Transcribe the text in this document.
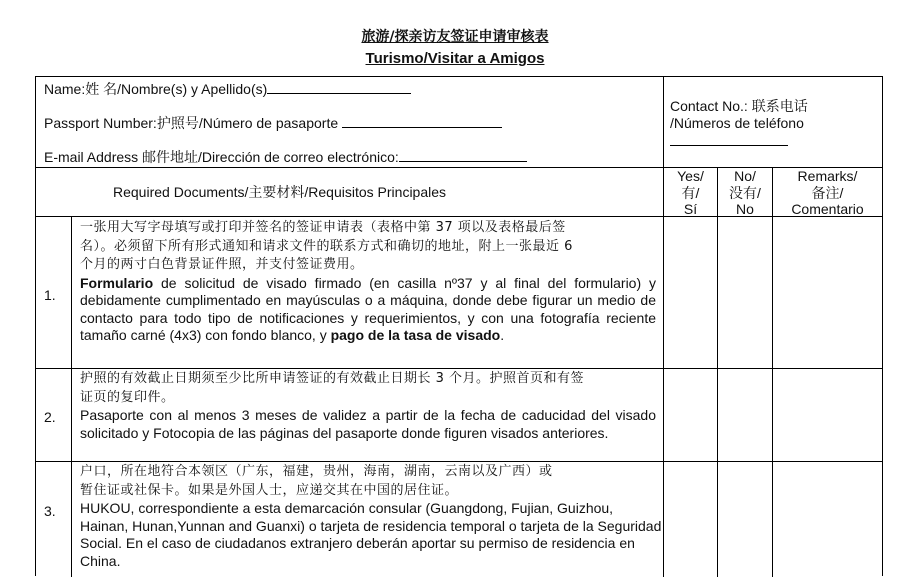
旅游/探亲访友签证申请审核表
Turismo/Visitar a Amigos
Name:姓 名/Nombre(s) y Apellido(s)
Passport Number:护照号/Número de pasaporte
E-mail Address 邮件地址/Dirección de correo electrónico:
Contact No.: 联系电话
/Números de teléfono
Required Documents/主要材料/Requisitos Principales
Yes/
有/
Sí
No/
没有/
No
Remarks/
备注/
Comentario
1.
一张用大写字母填写或打印并签名的签证申请表（表格中第 37 项以及表格最后签
名）。必须留下所有形式通知和请求文件的联系方式和确切的地址，附上一张最近 6
个月的两寸白色背景证件照，并支付签证费用。
Formulario de solicitud de visado firmado (en casilla nº37 y al final del formulario) y debidamente cumplimentado en mayúsculas o a máquina, donde debe figurar un medio de contacto para todo tipo de notificaciones y requerimientos, y con una fotografía reciente tamaño carné (4x3) con fondo blanco, y pago de la tasa de visado.
2.
护照的有效截止日期须至少比所申请签证的有效截止日期长 3 个月。护照首页和有签
证页的复印件。
Pasaporte con al menos 3 meses de validez a partir de la fecha de caducidad del visado solicitado y Fotocopia de las páginas del pasaporte donde figuren visados anteriores.
3.
户口，所在地符合本领区（广东，福建，贵州，海南，湖南，云南以及广西）或
暂住证或社保卡。如果是外国人士，应递交其在中国的居住证。
HUKOU, correspondiente a esta demarcación consular (Guangdong, Fujian, Guizhou, Hainan, Hunan,Yunnan and Guanxi) o tarjeta de residencia temporal o tarjeta de la Seguridad Social. En el caso de ciudadanos extranjero deberán aportar su permiso de residencia en China.
